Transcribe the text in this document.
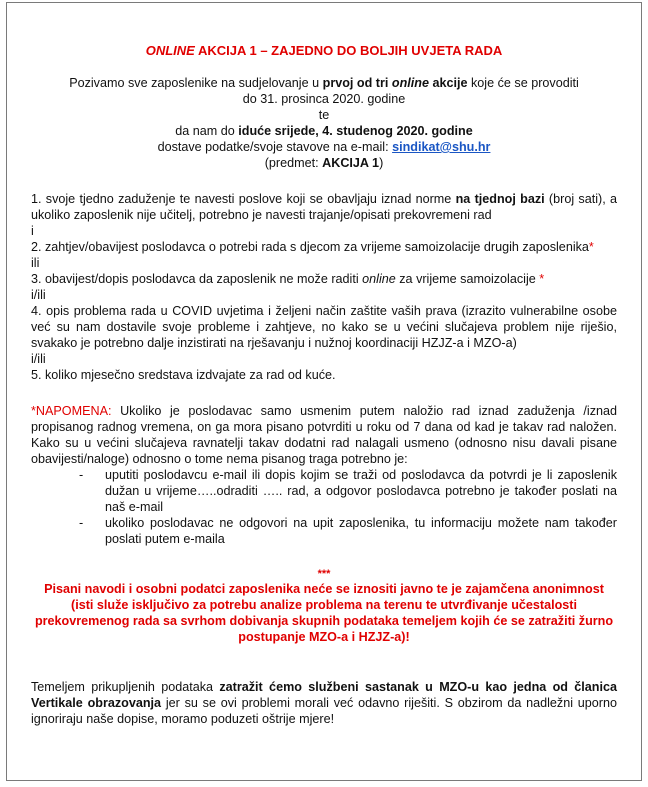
ONLINE AKCIJA 1 – ZAJEDNO DO BOLJIH UVJETA RADA
Pozivamo sve zaposlenike na sudjelovanje u prvoj od tri online akcije koje će se provoditi
do 31. prosinca 2020. godine
te
da nam do iduće srijede, 4. studenog 2020. godine
dostave podatke/svoje stavove na e-mail: sindikat@shu.hr
(predmet: AKCIJA 1)
1. svoje tjedno zaduženje te navesti poslove koji se obavljaju iznad norme na tjednoj bazi (broj sati), a ukoliko zaposlenik nije učitelj, potrebno je navesti trajanje/opisati prekovremeni rad
i
2. zahtjev/obavijest poslodavca o potrebi rada s djecom za vrijeme samoizolacije drugih zaposlenika*
ili
3. obavijest/dopis poslodavca da zaposlenik ne može raditi online za vrijeme samoizolacije *
i/ili
4. opis problema rada u COVID uvjetima i željeni način zaštite vaših prava (izrazito vulnerabilne osobe već su nam dostavile svoje probleme i zahtjeve, no kako se u većini slučajeva problem nije riješio, svakako je potrebno dalje inzistirati na rješavanju i nužnoj koordinaciji HZJZ-a i MZO-a)
i/ili
5. koliko mjesečno sredstava izdvajate za rad od kuće.
*NAPOMENA: Ukoliko je poslodavac samo usmenim putem naložio rad iznad zaduženja /iznad propisanog radnog vremena, on ga mora pisano potvrditi u roku od 7 dana od kad je takav rad naložen. Kako su u većini slučajeva ravnatelji takav dodatni rad nalagali usmeno (odnosno nisu davali pisane obavijesti/naloge) odnosno o tome nema pisanog traga potrebno je:
- uputiti poslodavcu e-mail ili dopis kojim se traži od poslodavca da potvrdi je li zaposlenik dužan u vrijeme…..odraditi ….. rad, a odgovor poslodavca potrebno je također poslati na naš e-mail
- ukoliko poslodavac ne odgovori na upit zaposlenika, tu informaciju možete nam također poslati putem e-maila
***
Pisani navodi i osobni podatci zaposlenika neće se iznositi javno te je zajamčena anonimnost
(isti služe isključivo za potrebu analize problema na terenu te utvrđivanje učestalosti prekovremenog rada sa svrhom dobivanja skupnih podataka temeljem kojih će se zatražiti žurno postupanje MZO-a i HZJZ-a)!
Temeljem prikupljenih podataka zatražit ćemo službeni sastanak u MZO-u kao jedna od članica Vertikale obrazovanja jer su se ovi problemi morali već odavno riješiti. S obzirom da nadležni uporno ignoriraju naše dopise, moramo poduzeti oštrije mjere!
